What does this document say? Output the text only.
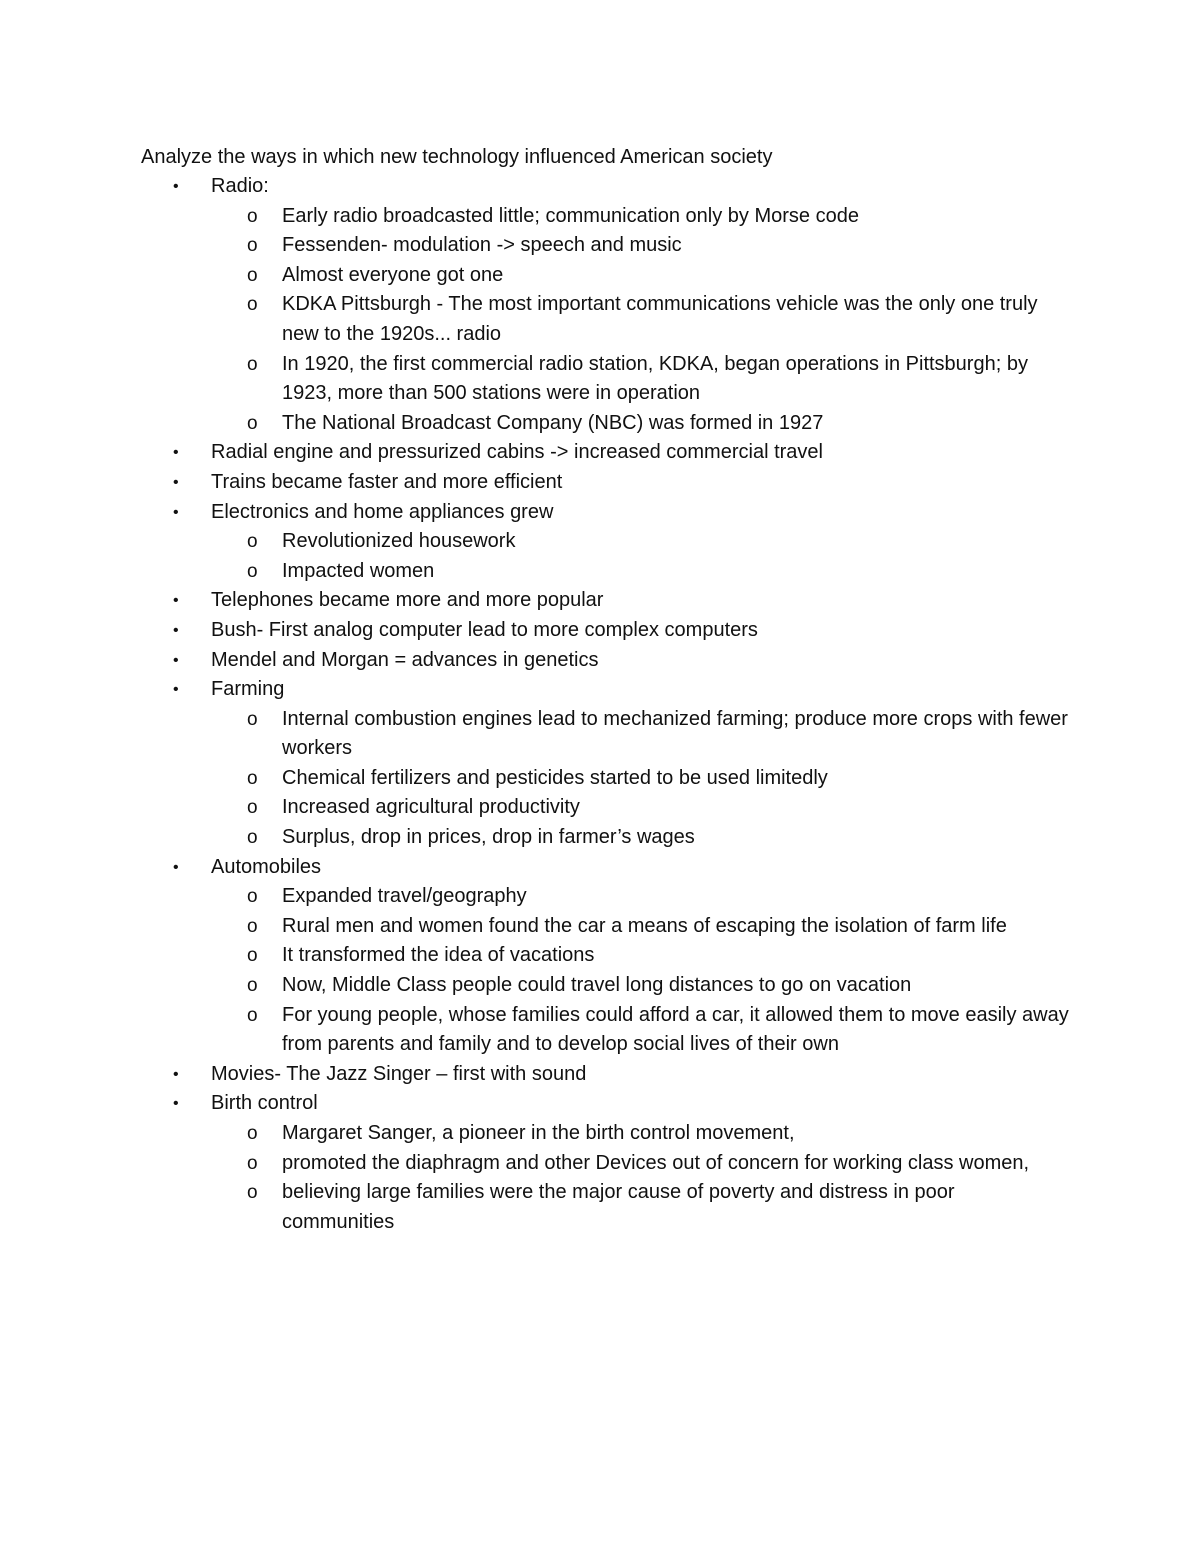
Analyze the ways in which new technology influenced American society
• Radio:
o Early radio broadcasted little; communication only by Morse code
o Fessenden- modulation -> speech and music
o Almost everyone got one
o KDKA Pittsburgh - The most important communications vehicle was the only one truly new to the 1920s... radio
o In 1920, the first commercial radio station, KDKA, began operations in Pittsburgh; by 1923, more than 500 stations were in operation
o The National Broadcast Company (NBC) was formed in 1927
• Radial engine and pressurized cabins -> increased commercial travel
• Trains became faster and more efficient
• Electronics and home appliances grew
o Revolutionized housework
o Impacted women
• Telephones became more and more popular
• Bush- First analog computer lead to more complex computers
• Mendel and Morgan = advances in genetics
• Farming
o Internal combustion engines lead to mechanized farming; produce more crops with fewer workers
o Chemical fertilizers and pesticides started to be used limitedly
o Increased agricultural productivity
o Surplus, drop in prices, drop in farmer’s wages
• Automobiles
o Expanded travel/geography
o Rural men and women found the car a means of escaping the isolation of farm life
o It transformed the idea of vacations
o Now, Middle Class people could travel long distances to go on vacation
o For young people, whose families could afford a car, it allowed them to move easily away from parents and family and to develop social lives of their own
• Movies- The Jazz Singer – first with sound
• Birth control
o Margaret Sanger, a pioneer in the birth control movement,
o promoted the diaphragm and other Devices out of concern for working class women,
o believing large families were the major cause of poverty and distress in poor communities
